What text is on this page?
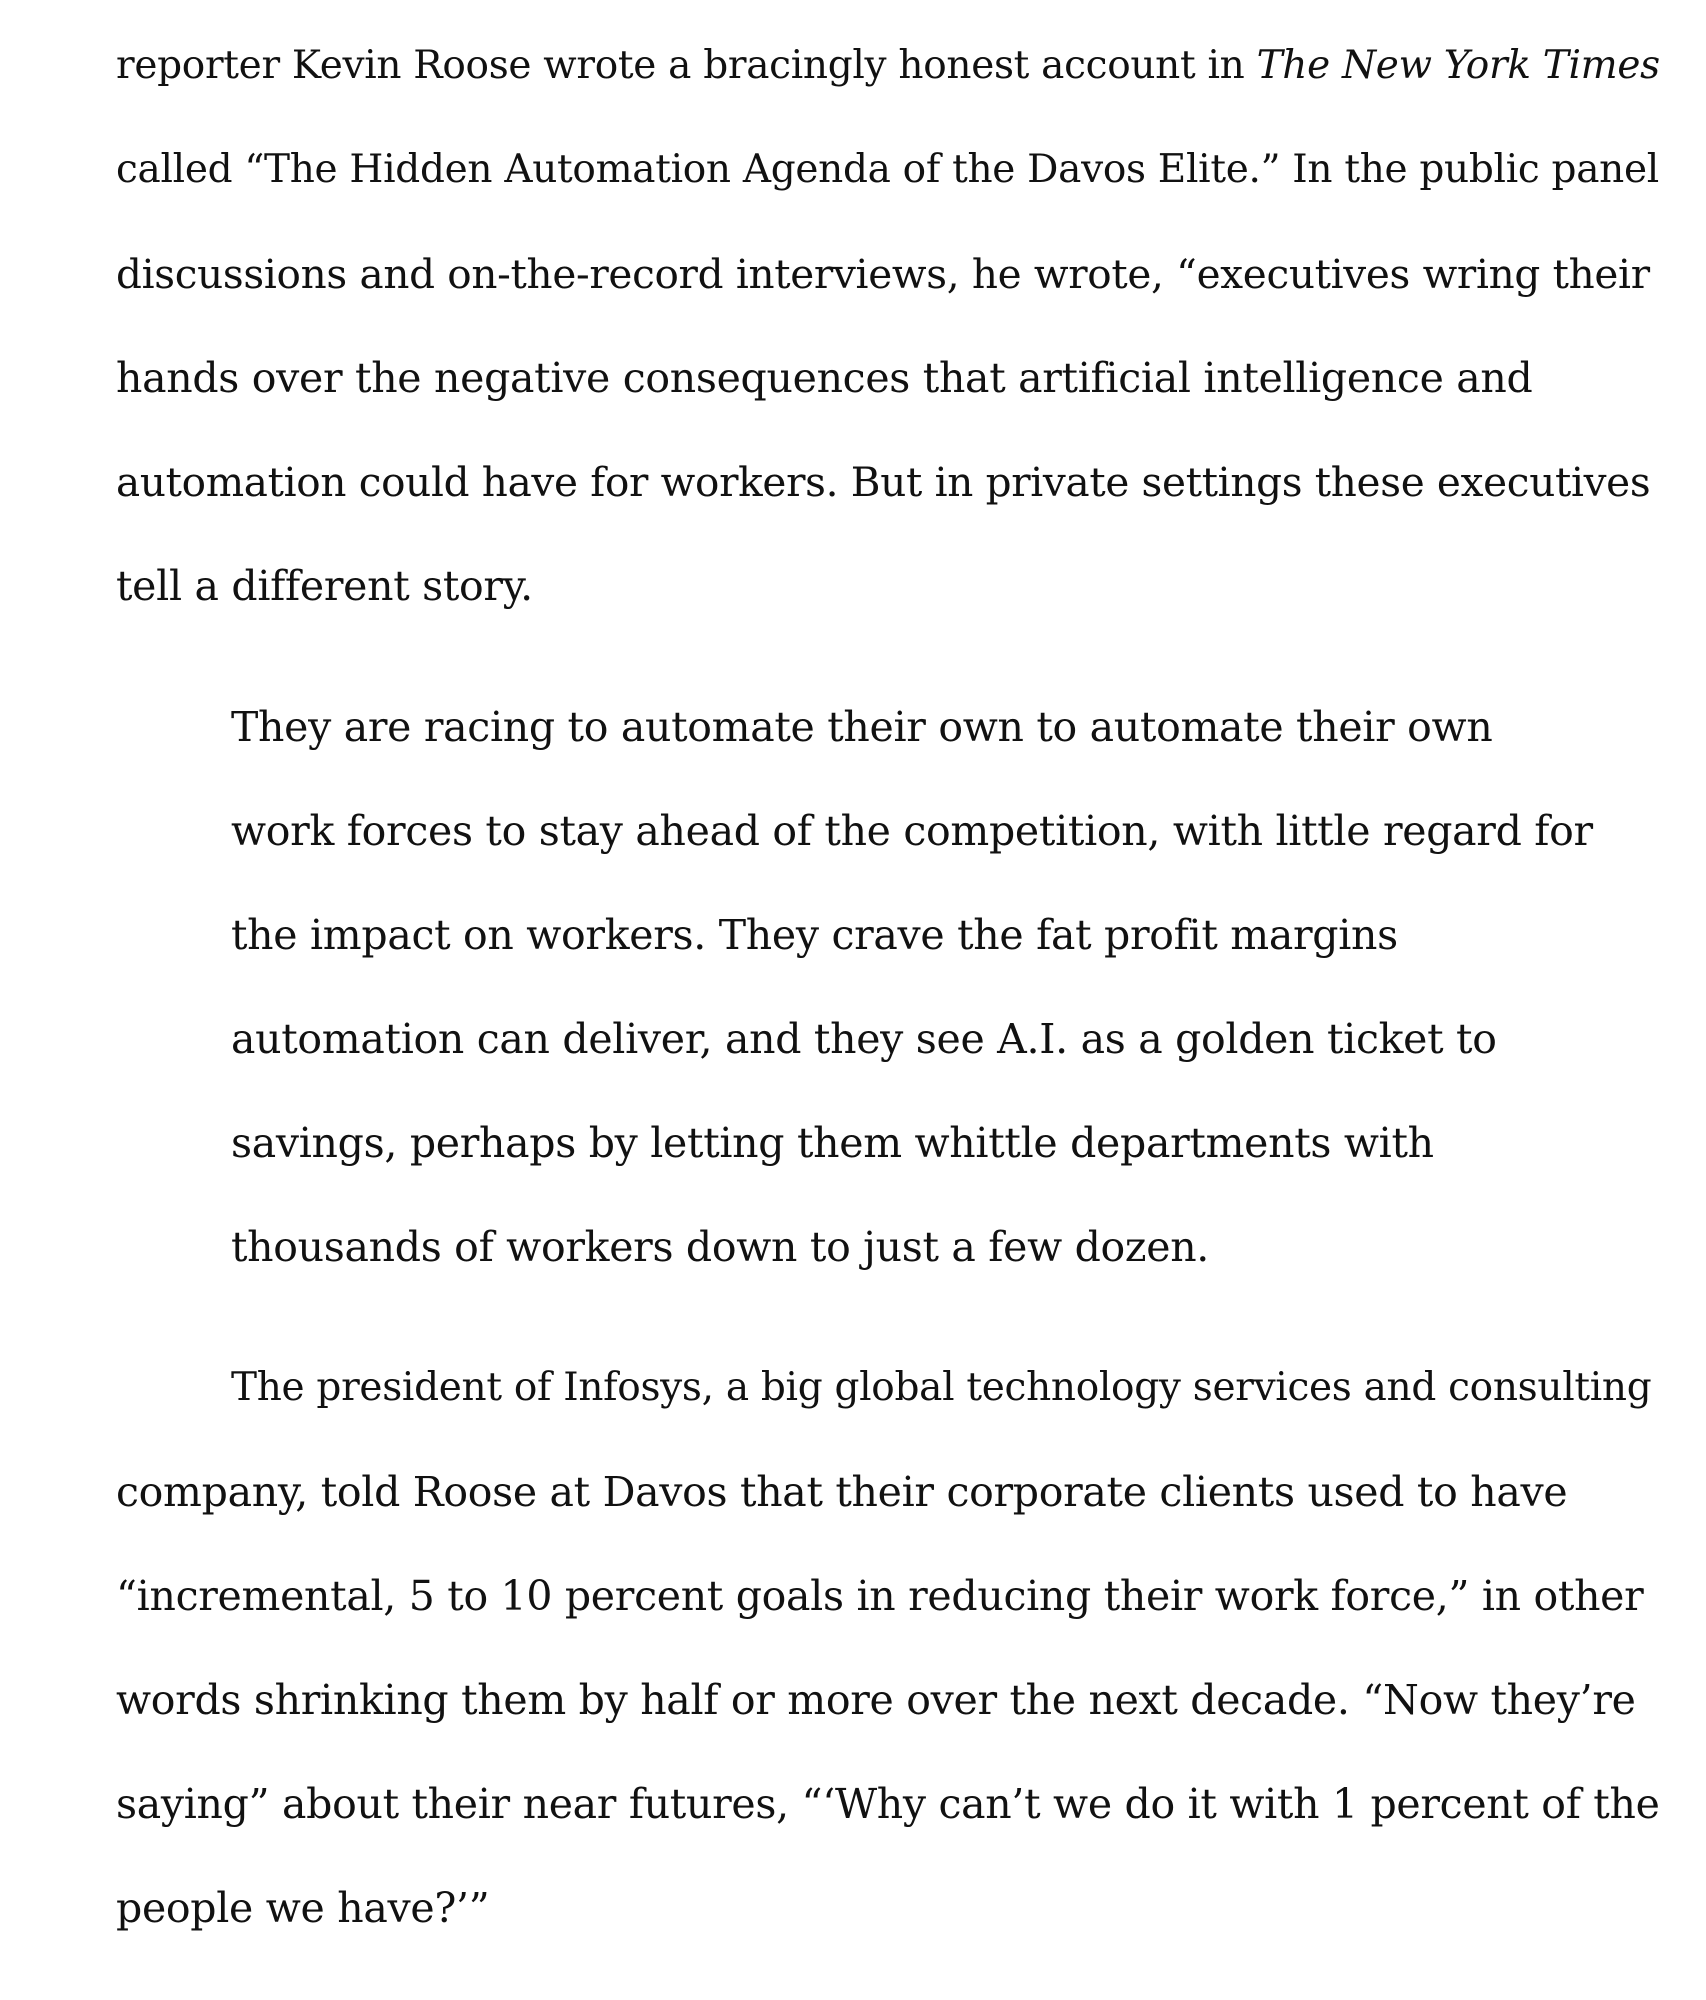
reporter Kevin Roose wrote a bracingly honest account in The New York Times
called “The Hidden Automation Agenda of the Davos Elite.” In the public panel
discussions and on-the-record interviews, he wrote, “executives wring their
hands over the negative consequences that artificial intelligence and
automation could have for workers. But in private settings these executives
tell a different story.
They are racing to automate their own to automate their own
work forces to stay ahead of the competition, with little regard for
the impact on workers. They crave the fat profit margins
automation can deliver, and they see A.I. as a golden ticket to
savings, perhaps by letting them whittle departments with
thousands of workers down to just a few dozen.
The president of Infosys, a big global technology services and consulting
company, told Roose at Davos that their corporate clients used to have
“incremental, 5 to 10 percent goals in reducing their work force,” in other
words shrinking them by half or more over the next decade. “Now they’re
saying” about their near futures, “‘Why can’t we do it with 1 percent of the
people we have?’”
